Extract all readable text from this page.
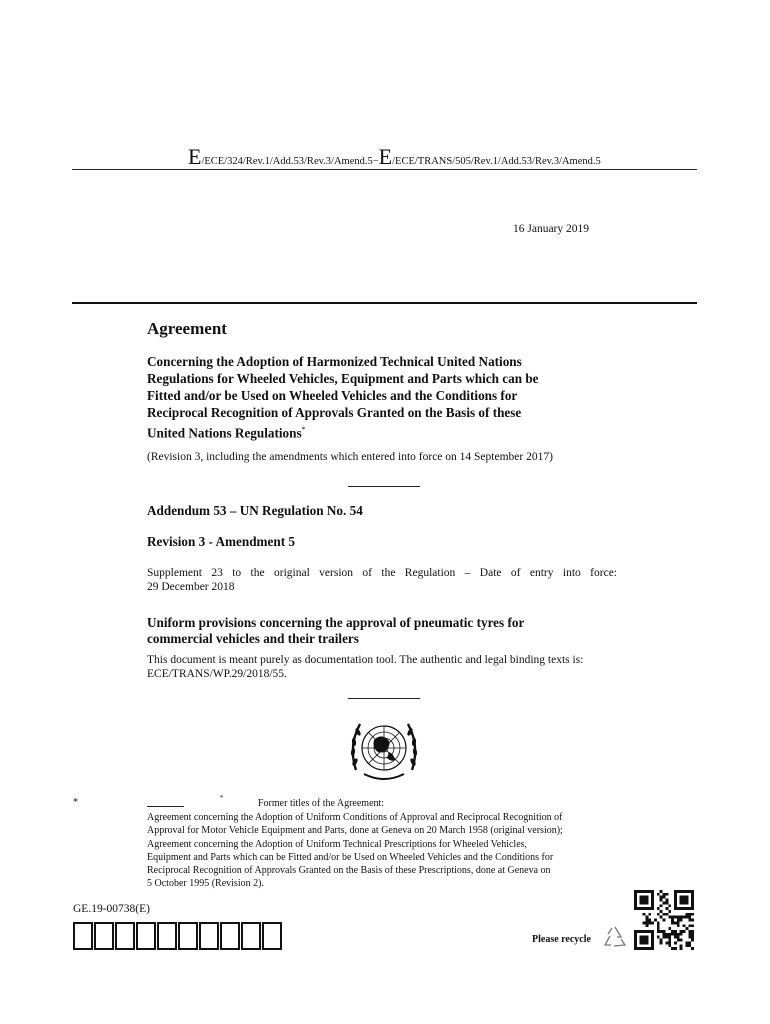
E/ECE/324/Rev.1/Add.53/Rev.3/Amend.5−E/ECE/TRANS/505/Rev.1/Add.53/Rev.3/Amend.5
16 January 2019
Agreement
Concerning the Adoption of Harmonized Technical United Nations
Regulations for Wheeled Vehicles, Equipment and Parts which can be
Fitted and/or be Used on Wheeled Vehicles and the Conditions for
Reciprocal Recognition of Approvals Granted on the Basis of these
United Nations Regulations*
(Revision 3, including the amendments which entered into force on 14 September 2017)
Addendum 53 – UN Regulation No. 54
Revision 3 - Amendment 5
Supplement 23 to the original version of the Regulation – Date of entry into force:
29 December 2018
Uniform provisions concerning the approval of pneumatic tyres for
commercial vehicles and their trailers
This document is meant purely as documentation tool. The authentic and legal binding texts is:
ECE/TRANS/WP.29/2018/55.
*	*	Former titles of the Agreement:
Agreement concerning the Adoption of Uniform Conditions of Approval and Reciprocal Recognition of
Approval for Motor Vehicle Equipment and Parts, done at Geneva on 20 March 1958 (original version);
Agreement concerning the Adoption of Uniform Technical Prescriptions for Wheeled Vehicles,
Equipment and Parts which can be Fitted and/or be Used on Wheeled Vehicles and the Conditions for
Reciprocal Recognition of Approvals Granted on the Basis of these Prescriptions, done at Geneva on
5 October 1995 (Revision 2).
GE.19-00738(E)
Please recycle
